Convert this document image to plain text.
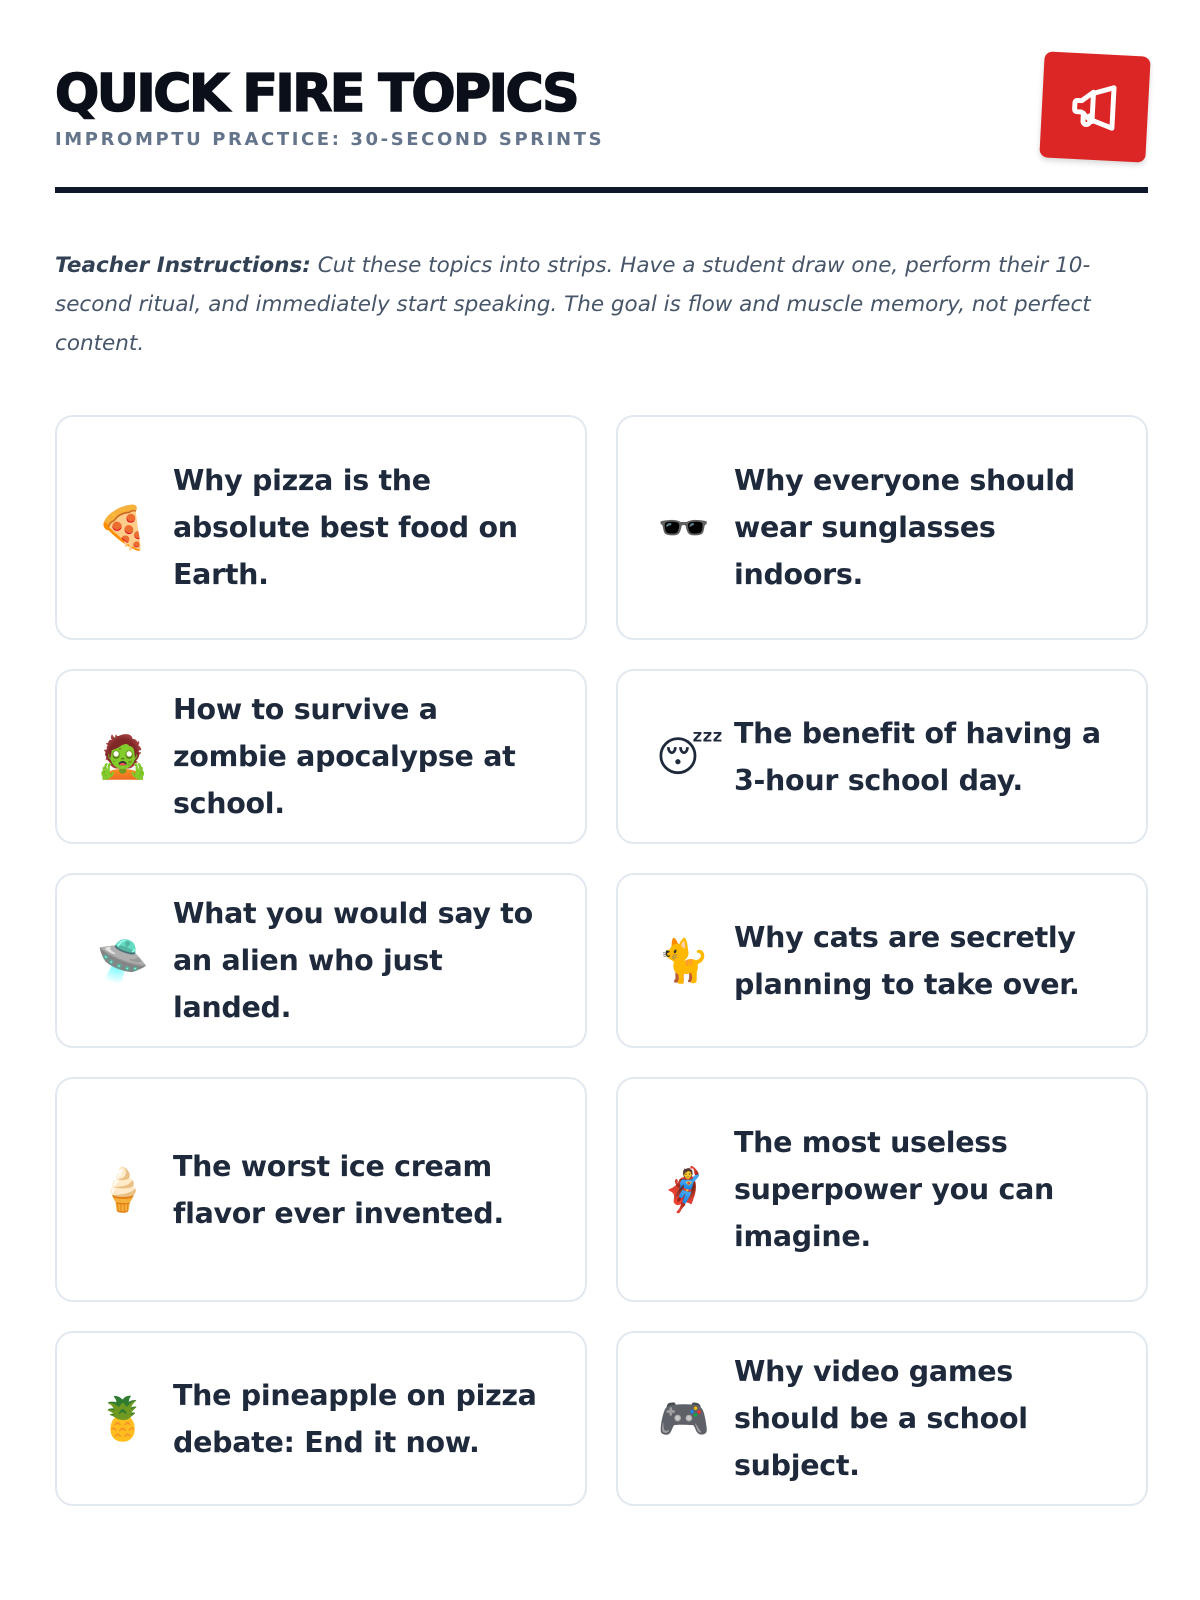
QUICK FIRE TOPICS
IMPROMPTU PRACTICE: 30-SECOND SPRINTS

Teacher Instructions: Cut these topics into strips. Have a student draw one, perform their 10-second ritual, and immediately start speaking. The goal is flow and muscle memory, not perfect content.

🍕
Why pizza is the absolute best food on Earth.
🕶️
Why everyone should wear sunglasses indoors.
🧟
How to survive a zombie apocalypse at school.
😴 The benefit of having a 3-hour school day.
🛸
What you would say to an alien who just landed.
🐈 Why cats are secretly planning to take over.
🍦 The worst ice cream flavor ever invented.	🦸
The most useless superpower you can imagine.
🍍 The pineapple on pizza debate: End it now.	🎮
Why video games should be a school subject.
